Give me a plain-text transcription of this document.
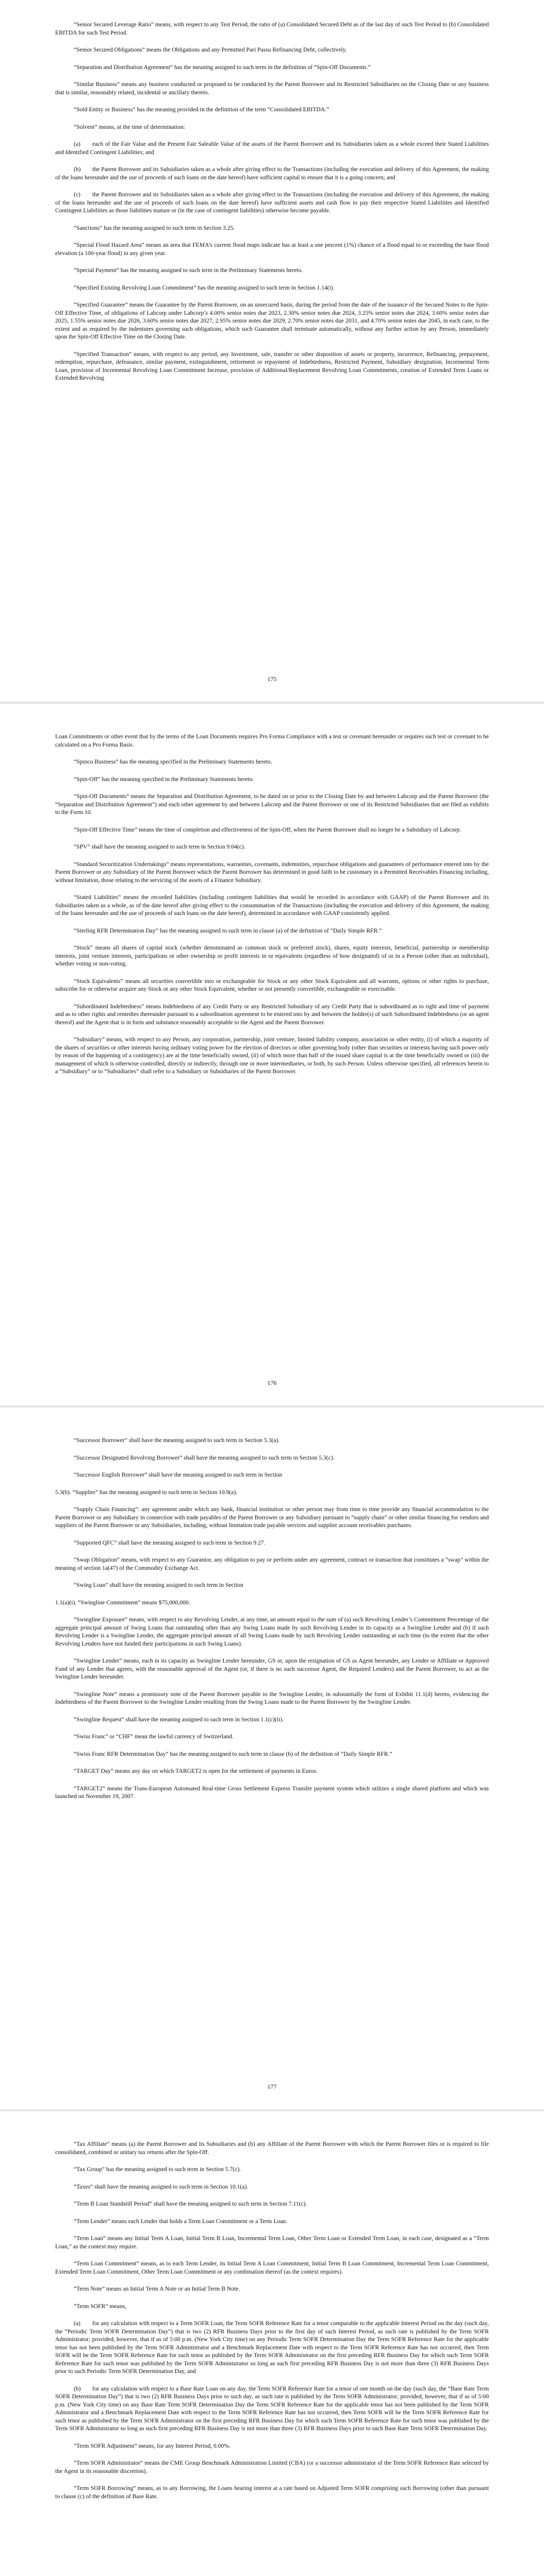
“Senior Secured Leverage Ratio” means, with respect to any Test Period, the ratio of (a) Consolidated Secured Debt as of the last day of such Test Period to (b) Consolidated EBITDA for such Test Period.

“Senior Secured Obligations” means the Obligations and any Permitted Pari Passu Refinancing Debt, collectively.

“Separation and Distribution Agreement” has the meaning assigned to such term in the definition of “Spin-Off Documents.”

“Similar Business” means any business conducted or proposed to be conducted by the Parent Borrower and its Restricted Subsidiaries on the Closing Date or any business that is similar, reasonably related, incidental or ancillary thereto.

“Sold Entity or Business” has the meaning provided in the definition of the term “Consolidated EBITDA.”

“Solvent” means, at the time of determination:

(a) each of the Fair Value and the Present Fair Saleable Value of the assets of the Parent Borrower and its Subsidiaries taken as a whole exceed their Stated Liabilities and Identified Contingent Liabilities; and

(b) the Parent Borrower and its Subsidiaries taken as a whole after giving effect to the Transactions (including the execution and delivery of this Agreement, the making of the loans hereunder and the use of proceeds of such loans on the date hereof) have sufficient capital to ensure that it is a going concern; and

(c) the Parent Borrower and its Subsidiaries taken as a whole after giving effect to the Transactions (including the execution and delivery of this Agreement, the making of the loans hereunder and the use of proceeds of such loans on the date hereof) have sufficient assets and cash flow to pay their respective Stated Liabilities and Identified Contingent Liabilities as those liabilities mature or (in the case of contingent liabilities) otherwise become payable.

“Sanctions” has the meaning assigned to such term in Section 3.25.

“Special Flood Hazard Area” means an area that FEMA’s current flood maps indicate has at least a one percent (1%) chance of a flood equal to or exceeding the base flood elevation (a 100-year flood) in any given year.

“Special Payment” has the meaning assigned to such term in the Preliminary Statements hereto.

“Specified Existing Revolving Loan Commitment” has the meaning assigned to such term in Section 1.14(i).

“Specified Guarantee” means the Guarantee by the Parent Borrower, on an unsecured basis, during the period from the date of the issuance of the Secured Notes to the Spin-Off Effective Time, of obligations of Labcorp under Labcorp’s 4.00% senior notes due 2023, 2.30% senior notes due 2024, 3.25% senior notes due 2024, 3.60% senior notes due 2025, 1.55% senior notes due 2026, 3.60% senior notes due 2027, 2.95% senior notes due 2029, 2.70% senior notes due 2031, and 4.70% senior notes due 2045, in each case, to the extent and as required by the indentures governing such obligations, which such Guarantee shall terminate automatically, without any further action by any Person, immediately upon the Spin-Off Effective Time on the Closing Date.

“Specified Transaction” means, with respect to any period, any Investment, sale, transfer or other disposition of assets or property, incurrence, Refinancing, prepayment, redemption, repurchase, defeasance, similar payment, extinguishment, retirement or repayment of Indebtedness, Restricted Payment, Subsidiary designation, Incremental Term Loan, provision of Incremental Revolving Loan Commitment Increase, provision of Additional/Replacement Revolving Loan Commitments, creation of Extended Term Loans or Extended Revolving

175

Loan Commitments or other event that by the terms of the Loan Documents requires Pro Forma Compliance with a test or covenant hereunder or requires such test or covenant to be calculated on a Pro Forma Basis.

“Spinco Business” has the meaning specified in the Preliminary Statements hereto.

“Spin-Off” has the meaning specified in the Preliminary Statements hereto.

“Spin-Off Documents” means the Separation and Distribution Agreement, to be dated on or prior to the Closing Date by and between Labcorp and the Parent Borrower (the “Separation and Distribution Agreement”) and each other agreement by and between Labcorp and the Parent Borrower or one of its Restricted Subsidiaries that are filed as exhibits to the Form 10.

“Spin-Off Effective Time” means the time of completion and effectiveness of the Spin-Off, when the Parent Borrower shall no longer be a Subsidiary of Labcorp.

“SPV” shall have the meaning assigned to such term in Section 9.04(c).

“Standard Securitization Undertakings” means representations, warranties, covenants, indemnities, repurchase obligations and guarantees of performance entered into by the Parent Borrower or any Subsidiary of the Parent Borrower which the Parent Borrower has determined in good faith to be customary in a Permitted Receivables Financing including, without limitation, those relating to the servicing of the assets of a Finance Subsidiary.

“Stated Liabilities” means the recorded liabilities (including contingent liabilities that would be recorded in accordance with GAAP) of the Parent Borrower and its Subsidiaries taken as a whole, as of the date hereof after giving effect to the consummation of the Transactions (including the execution and delivery of this Agreement, the making of the loans hereunder and the use of proceeds of such loans on the date hereof), determined in accordance with GAAP consistently applied.

“Sterling RFR Determination Day” has the meaning assigned to such term in clause (a) of the definition of “Daily Simple RFR.”

“Stock” means all shares of capital stock (whether denominated as common stock or preferred stock), shares, equity interests, beneficial, partnership or membership interests, joint venture interests, participations or other ownership or profit interests in or equivalents (regardless of how designated) of or in a Person (other than an individual), whether voting or non-voting.

“Stock Equivalents” means all securities convertible into or exchangeable for Stock or any other Stock Equivalent and all warrants, options or other rights to purchase, subscribe for or otherwise acquire any Stock or any other Stock Equivalent, whether or not presently convertible, exchangeable or exercisable.

“Subordinated Indebtedness” means Indebtedness of any Credit Party or any Restricted Subsidiary of any Credit Party that is subordinated as to right and time of payment and as to other rights and remedies thereunder pursuant to a subordination agreement to be entered into by and between the holder(s) of such Subordinated Indebtedness (or an agent thereof) and the Agent that is in form and substance reasonably acceptable to the Agent and the Parent Borrower.

“Subsidiary” means, with respect to any Person, any corporation, partnership, joint venture, limited liability company, association or other entity, (i) of which a majority of the shares of securities or other interests having ordinary voting power for the election of directors or other governing body (other than securities or interests having such power only by reason of the happening of a contingency) are at the time beneficially owned, (ii) of which more than half of the issued share capital is at the time beneficially owned or (iii) the management of which is otherwise controlled, directly or indirectly, through one or more intermediaries, or both, by such Person. Unless otherwise specified, all references herein to a “Subsidiary” or to “Subsidiaries” shall refer to a Subsidiary or Subsidiaries of the Parent Borrower.

176

“Successor Borrower” shall have the meaning assigned to such term in Section 5.3(a).

“Successor Designated Revolving Borrower” shall have the meaning assigned to such term in Section 5.3(c).

“Successor English Borrower” shall have the meaning assigned to such term in Section

5.3(b). “Supplier” has the meaning assigned to such term in Section 10.9(a).

“Supply Chain Financing”: any agreement under which any bank, financial institution or other person may from time to time provide any financial accommodation to the Parent Borrower or any Subsidiary in connection with trade payables of the Parent Borrower or any Subsidiary pursuant to “supply chain” or other similar financing for vendors and suppliers of the Parent Borrower or any Subsidiaries, including, without limitation trade payable services and supplier account receivables purchases.

“Supported QFC” shall have the meaning assigned to such term in Section 9.27.

“Swap Obligation” means, with respect to any Guarantor, any obligation to pay or perform under any agreement, contract or transaction that constitutes a “swap” within the meaning of section 1a(47) of the Commodity Exchange Act.

“Swing Loan” shall have the meaning assigned to such term in Section

1.1(a)(i). “Swingline Commitment” means $75,000,000.

“Swingline Exposure” means, with respect to any Revolving Lender, at any time, an amount equal to the sum of (a) such Revolving Lender’s Commitment Percentage of the aggregate principal amount of Swing Loans that outstanding other than any Swing Loans made by such Revolving Lender in its capacity as a Swingline Lender and (b) if such Revolving Lender is a Swingline Lender, the aggregate principal amount of all Swing Loans made by such Revolving Lender outstanding at such time (to the extent that the other Revolving Lenders have not funded their participations in such Swing Loans).

“Swingline Lender” means, each in its capacity as Swingline Lender hereunder, GS or, upon the resignation of GS as Agent hereunder, any Lender or Affiliate or Approved Fund of any Lender that agrees, with the reasonable approval of the Agent (or, if there is no such successor Agent, the Required Lenders) and the Parent Borrower, to act as the Swingline Lender hereunder.

“Swingline Note” means a promissory note of the Parent Borrower payable to the Swingline Lender, in substantially the form of Exhibit 11.1(d) hereto, evidencing the Indebtedness of the Parent Borrower to the Swingline Lender resulting from the Swing Loans made to the Parent Borrower by the Swingline Lender.

“Swingline Request” shall have the meaning assigned to such term in Section 1.1(c)(ii).

“Swiss Franc” or “CHF” mean the lawful currency of Switzerland.

“Swiss Franc RFR Determination Day” has the meaning assigned to such term in clause (b) of the definition of “Daily Simple RFR.”

“TARGET Day” means any day on which TARGET2 is open for the settlement of payments in Euros.

“TARGET2” means the Trans-European Automated Real-time Gross Settlement Express Transfer payment system which utilizes a single shared platform and which was launched on November 19, 2007.

177

“Tax Affiliate” means (a) the Parent Borrower and its Subsidiaries and (b) any Affiliate of the Parent Borrower with which the Parent Borrower files or is required to file consolidated, combined or unitary tax returns after the Spin-Off.

“Tax Group” has the meaning assigned to such term in Section 5.7(c).

“Taxes” shall have the meaning assigned to such term in Section 10.1(a).

“Term B Loan Standstill Period” shall have the meaning assigned to such term in Section 7.11(c).

“Term Lender” means each Lender that holds a Term Loan Commitment or a Term Loan.

“Term Loan” means any Initial Term A Loan, Initial Term B Loan, Incremental Term Loan, Other Term Loan or Extended Term Loan, in each case, designated as a “Term Loan,” as the context may require.

“Term Loan Commitment” means, as to each Term Lender, its Initial Term A Loan Commitment, Initial Term B Loan Commitment, Incremental Term Loan Commitment, Extended Term Loan Commitment, Other Term Loan Commitment or any combination thereof (as the context requires).

“Term Note” means an Initial Term A Note or an Initial Term B Note.

“Term SOFR” means,

(a) for any calculation with respect to a Term SOFR Loan, the Term SOFR Reference Rate for a tenor comparable to the applicable Interest Period on the day (such day, the “Periodic Term SOFR Determination Day”) that is two (2) RFR Business Days prior to the first day of such Interest Period, as such rate is published by the Term SOFR Administrator; provided, however, that if as of 5:00 p.m. (New York City time) on any Periodic Term SOFR Determination Day the Term SOFR Reference Rate for the applicable tenor has not been published by the Term SOFR Administrator and a Benchmark Replacement Date with respect to the Term SOFR Reference Rate has not occurred, then Term SOFR will be the Term SOFR Reference Rate for such tenor as published by the Term SOFR Administrator on the first preceding RFR Business Day for which such Term SOFR Reference Rate for such tenor was published by the Term SOFR Administrator so long as such first preceding RFR Business Day is not more than three (3) RFR Business Days prior to such Periodic Term SOFR Determination Day, and

(b) for any calculation with respect to a Base Rate Loan on any day, the Term SOFR Reference Rate for a tenor of one month on the day (such day, the “Base Rate Term SOFR Determination Day”) that is two (2) RFR Business Days prior to such day, as such rate is published by the Term SOFR Administrator; provided, however, that if as of 5:00 p.m. (New York City time) on any Base Rate Term SOFR Determination Day the Term SOFR Reference Rate for the applicable tenor has not been published by the Term SOFR Administrator and a Benchmark Replacement Date with respect to the Term SOFR Reference Rate has not occurred, then Term SOFR will be the Term SOFR Reference Rate for such tenor as published by the Term SOFR Administrator on the first preceding RFR Business Day for which such Term SOFR Reference Rate for such tenor was published by the Term SOFR Administrator so long as such first preceding RFR Business Day is not more than three (3) RFR Business Days prior to such Base Rate Term SOFR Determination Day.

“Term SOFR Adjustment” means, for any Interest Period, 0.00%.

“Term SOFR Administrator” means the CME Group Benchmark Administration Limited (CBA) (or a successor administrator of the Term SOFR Reference Rate selected by the Agent in its reasonable discretion).

“Term SOFR Borrowing” means, as to any Borrowing, the Loans bearing interest at a rate based on Adjusted Term SOFR comprising such Borrowing (other than pursuant to clause (c) of the definition of Base Rate.
